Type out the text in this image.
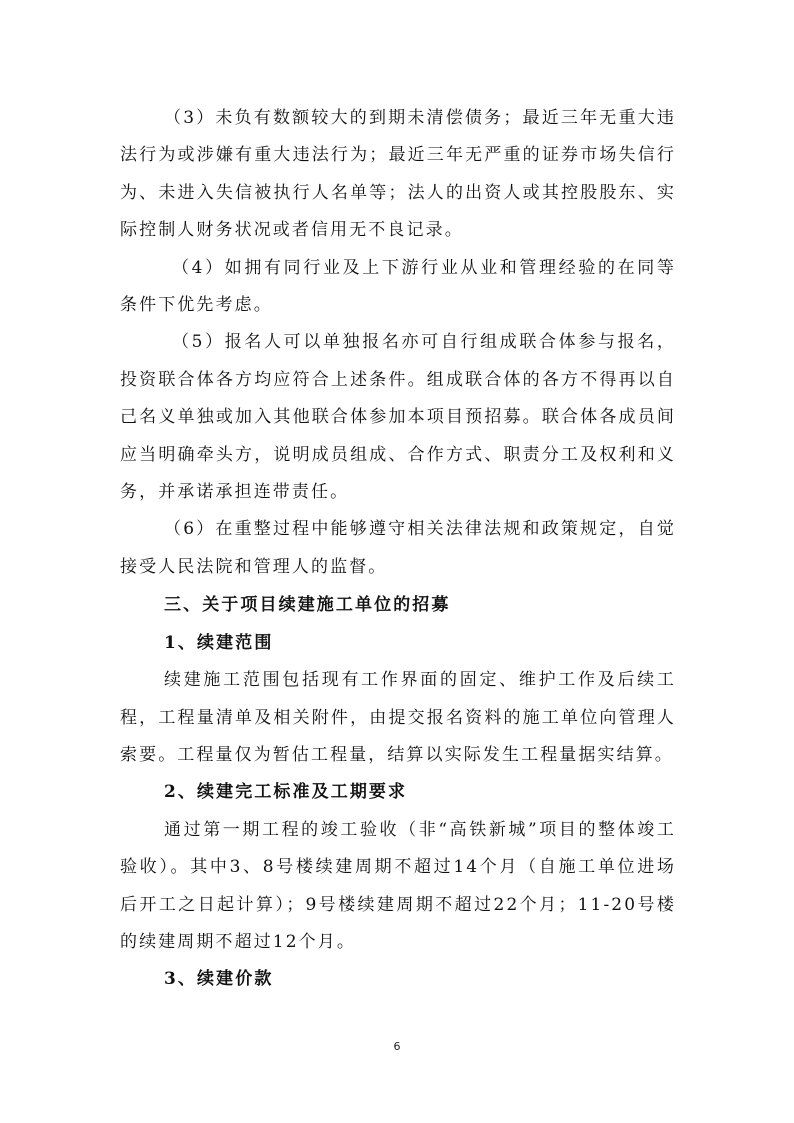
（3）未负有数额较大的到期未清偿债务；最近三年无重大违法行为或涉嫌有重大违法行为；最近三年无严重的证券市场失信行为、未进入失信被执行人名单等；法人的出资人或其控股股东、实际控制人财务状况或者信用无不良记录。

（4）如拥有同行业及上下游行业从业和管理经验的在同等条件下优先考虑。

（5）报名人可以单独报名亦可自行组成联合体参与报名，投资联合体各方均应符合上述条件。组成联合体的各方不得再以自己名义单独或加入其他联合体参加本项目预招募。联合体各成员间应当明确牵头方，说明成员组成、合作方式、职责分工及权利和义务，并承诺承担连带责任。

（6）在重整过程中能够遵守相关法律法规和政策规定，自觉接受人民法院和管理人的监督。

三、关于项目续建施工单位的招募

1、续建范围

续建施工范围包括现有工作界面的固定、维护工作及后续工程，工程量清单及相关附件，由提交报名资料的施工单位向管理人索要。工程量仅为暂估工程量，结算以实际发生工程量据实结算。

2、续建完工标准及工期要求

通过第一期工程的竣工验收（非“高铁新城”项目的整体竣工验收）。其中3、8号楼续建周期不超过14个月（自施工单位进场后开工之日起计算）；9号楼续建周期不超过22个月；11-20号楼的续建周期不超过12个月。

3、续建价款

6
